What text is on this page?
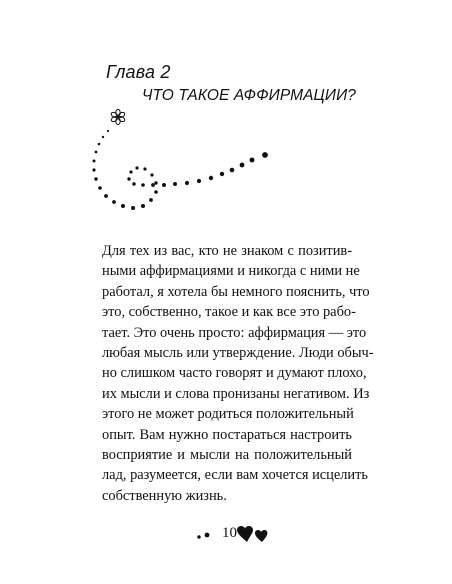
Глава 2
ЧТО ТАКОЕ АФФИРМАЦИИ?
Для тех из вас, кто не знаком с позитив-
ными аффирмациями и никогда с ними не
работал, я хотела бы немного пояснить, что
это, собственно, такое и как все это рабо-
тает. Это очень просто: аффирмация — это
любая мысль или утверждение. Люди обыч-
но слишком часто говорят и думают плохо,
их мысли и слова пронизаны негативом. Из
этого не может родиться положительный
опыт. Вам нужно постараться настроить
восприятие и мысли на положительный
лад, разумеется, если вам хочется исцелить
собственную жизнь.
10
